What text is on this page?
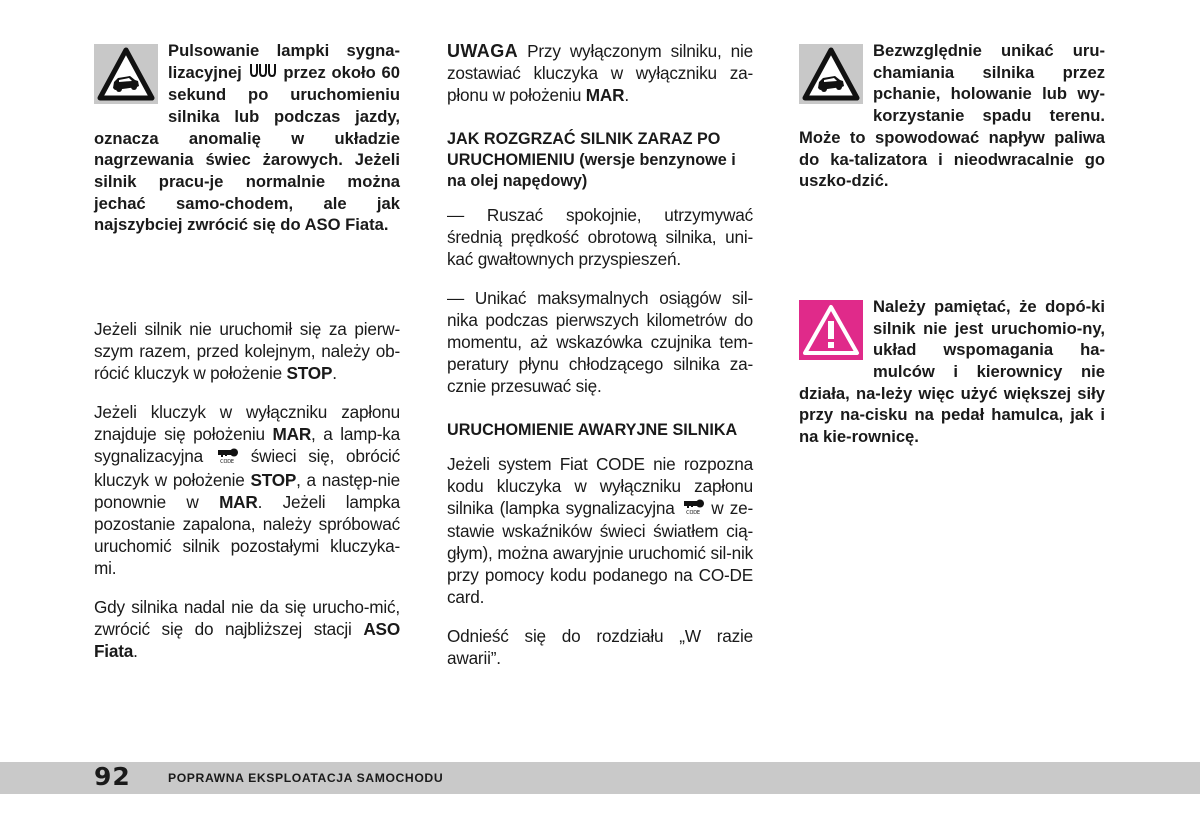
Pulsowanie lampki sygna-lizacyjnej	przez około 60 sekund po uruchomieniu silnika lub podczas jazdy, oznacza anomalię w układzie nagrzewania świec żarowych. Jeżeli silnik pracu-je normalnie można jechać samo-chodem, ale jak najszybciej zwrócić się do ASO Fiata.

Jeżeli silnik nie uruchomił się za pierw-szym razem, przed kolejnym, należy ob-rócić kluczyk w położenie STOP.

Jeżeli kluczyk w wyłączniku zapłonu znajduje się położeniu MAR, a lamp-ka sygnalizacyjna	CODE świeci się, obrócić kluczyk w położenie STOP, a następ-nie ponownie w MAR. Jeżeli lampka pozostanie zapalona, należy spróbować uruchomić silnik pozostałymi kluczyka-mi.

Gdy silnika nadal nie da się urucho-mić, zwrócić się do najbliższej stacji ASO Fiata.

UWAGA Przy wyłączonym silniku, nie zostawiać kluczyka w wyłączniku za-płonu w położeniu MAR.

JAK ROZGRZAĆ SILNIK ZARAZ PO URUCHOMIENIU (wersje benzynowe i na olej napędowy)

— Ruszać spokojnie, utrzymywać średnią prędkość obrotową silnika, uni-kać gwałtownych przyspieszeń.

— Unikać maksymalnych osiągów sil-nika podczas pierwszych kilometrów do momentu, aż wskazówka czujnika tem-peratury płynu chłodzącego silnika za-cznie przesuwać się.

URUCHOMIENIE AWARYJNE SILNIKA

Jeżeli system Fiat CODE nie rozpozna kodu kluczyka w wyłączniku zapłonu silnika (lampka sygnalizacyjna CODE w ze-stawie wskaźników świeci światłem cią-głym), można awaryjnie uruchomić sil-nik przy pomocy kodu podanego na CO-DE card.

Odnieść się do rozdziału „W razie awarii”.

Bezwzględnie unikać uru-chamiania silnika przez pchanie, holowanie lub wy-korzystanie spadu terenu. Może to spowodować napływ paliwa do ka-talizatora i nieodwracalnie go uszko-dzić.

Należy pamiętać, że dopó-ki silnik nie jest uruchomio-ny, układ wspomagania ha-mulców i kierownicy nie działa, na-leży więc użyć większej siły przy na-cisku na pedał hamulca, jak i na kie-rownicę.

92	POPRAWNA EKSPLOATACJA SAMOCHODU
